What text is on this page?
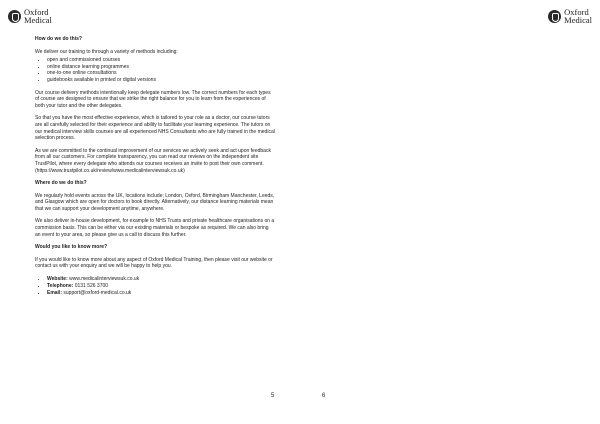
Oxford
Medical

How do we do this?

We deliver our training to through a variety of methods including:

• open and commissioned courses
• online distance learning programmes
• one-to-one online consultations
• guidebooks available in printed or digital versions

Our course delivery methods intentionally keep delegate numbers low. The correct numbers for each types of course are designed to ensure that we strike the right balance for you to learn from the experiences of both your tutor and the other delegates.

So that you have the most effective experience, which is tailored to your role as a doctor, our course tutors are all carefully selected for their experience and ability to facilitate your learning experience. The tutors on our medical interview skills courses are all experienced NHS Consultants who are fully trained in the medical selection process.

As we are committed to the continual improvement of our services we actively seek and act upon feedback from all our customers. For complete transparency, you can read our reviews on the independent site TrustPilot, where every delegate who attends our courses receives an invite to post their own comment. (https://www.trustpilot.co.uk/review/www.medicalinterviewsuk.co.uk)

Where do we do this?

We regularly hold events across the UK, locations include; London, Oxford, Birmingham Manchester, Leeds, and Glasgow which are open for doctors to book directly. Alternatively, our distance learning materials mean that we can support your development anytime, anywhere.

We also deliver in-house development, for example to NHS Trusts and private healthcare organisations on a commission basis. This can be either via our existing materials or bespoke as required. We can also bring an event to your area, so please give us a call to discuss this further.

Would you like to know more?

If you would like to know more about any aspect of Oxford Medical Training, then please visit our website or contact us with your enquiry and we will be happy to help you.

• Website: www.medicalinterviewsuk.co.uk
• Telephone: 0131 526 3700
• Email: support@oxford-medical.co.uk
5
Oxford
Medical
6
